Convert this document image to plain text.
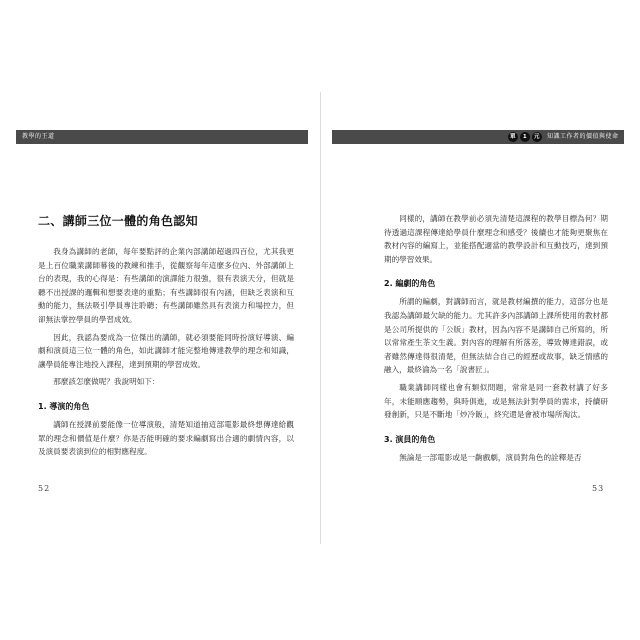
教學的王道
二、講師三位一體的角色認知

我身為講師的老師，每年要點評的企業內部講師超過四百位，尤其我更是上百位職業講師幕後的教練和推手，從觀察每年這麼多位內、外部講師上台的表現，我的心得是：有些講師的演譯能力很強，很有表演天分，但就是聽不出授課的邏輯和想要表達的重點；有些講師很有內涵，但缺乏表演和互動的能力，無法吸引學員專注聆聽；有些講師雖然具有表演力和場控力，但卻無法掌控學員的學習成效。

因此，我認為要成為一位傑出的講師，就必須要能同時扮演好導演、編劇和演員這三位一體的角色，如此講師才能完整地傳達教學的理念和知識，讓學員能專注地投入課程，達到預期的學習成效。

那麼該怎麼做呢？我說明如下：

1. 導演的角色

講師在授課前要能像一位導演般，清楚知道抽這部電影最終想傳達給觀眾的理念和價值是什麼？你是否能明確的要求編劇寫出合適的劇情內容，以及演員要表演到位的相對應程度。

52
單	1	元	知識工作者的價值與使命

同樣的，講師在教學前必須先清楚這課程的教學目標為何？期待透過這課程傳達給學員什麼理念和感受？後續也才能夠更聚焦在教材內容的編寫上，並能搭配適當的教學設計和互動技巧，達到預期的學習效果。

2. 編劇的角色

所謂的編劇，對講師而言，就是教材編撰的能力，這部分也是我認為講師最欠缺的能力。尤其許多內部講師上課所使用的教材都是公司所提供的「公版」教材，因為內容不是講師自己所寫的，所以常常產生茶文生義。對內容的理解有所落差，導致傳達錯誤，或者雖然傳達得很清楚，但無法結合自己的經歷或故事，缺乏情感的融入，最終淪為一名「說書匠」。

職業講師同樣也會有類似問題，常常是同一套教材講了好多年，未能順應趨勢，與時俱進，或是無法針對學員的需求，持續研發創新，只是不斷地「炒冷飯」，終究還是會被市場所淘汰。

3. 演員的角色

無論是一部電影或是一齣戲劇，演員對角色的詮釋是否

53
